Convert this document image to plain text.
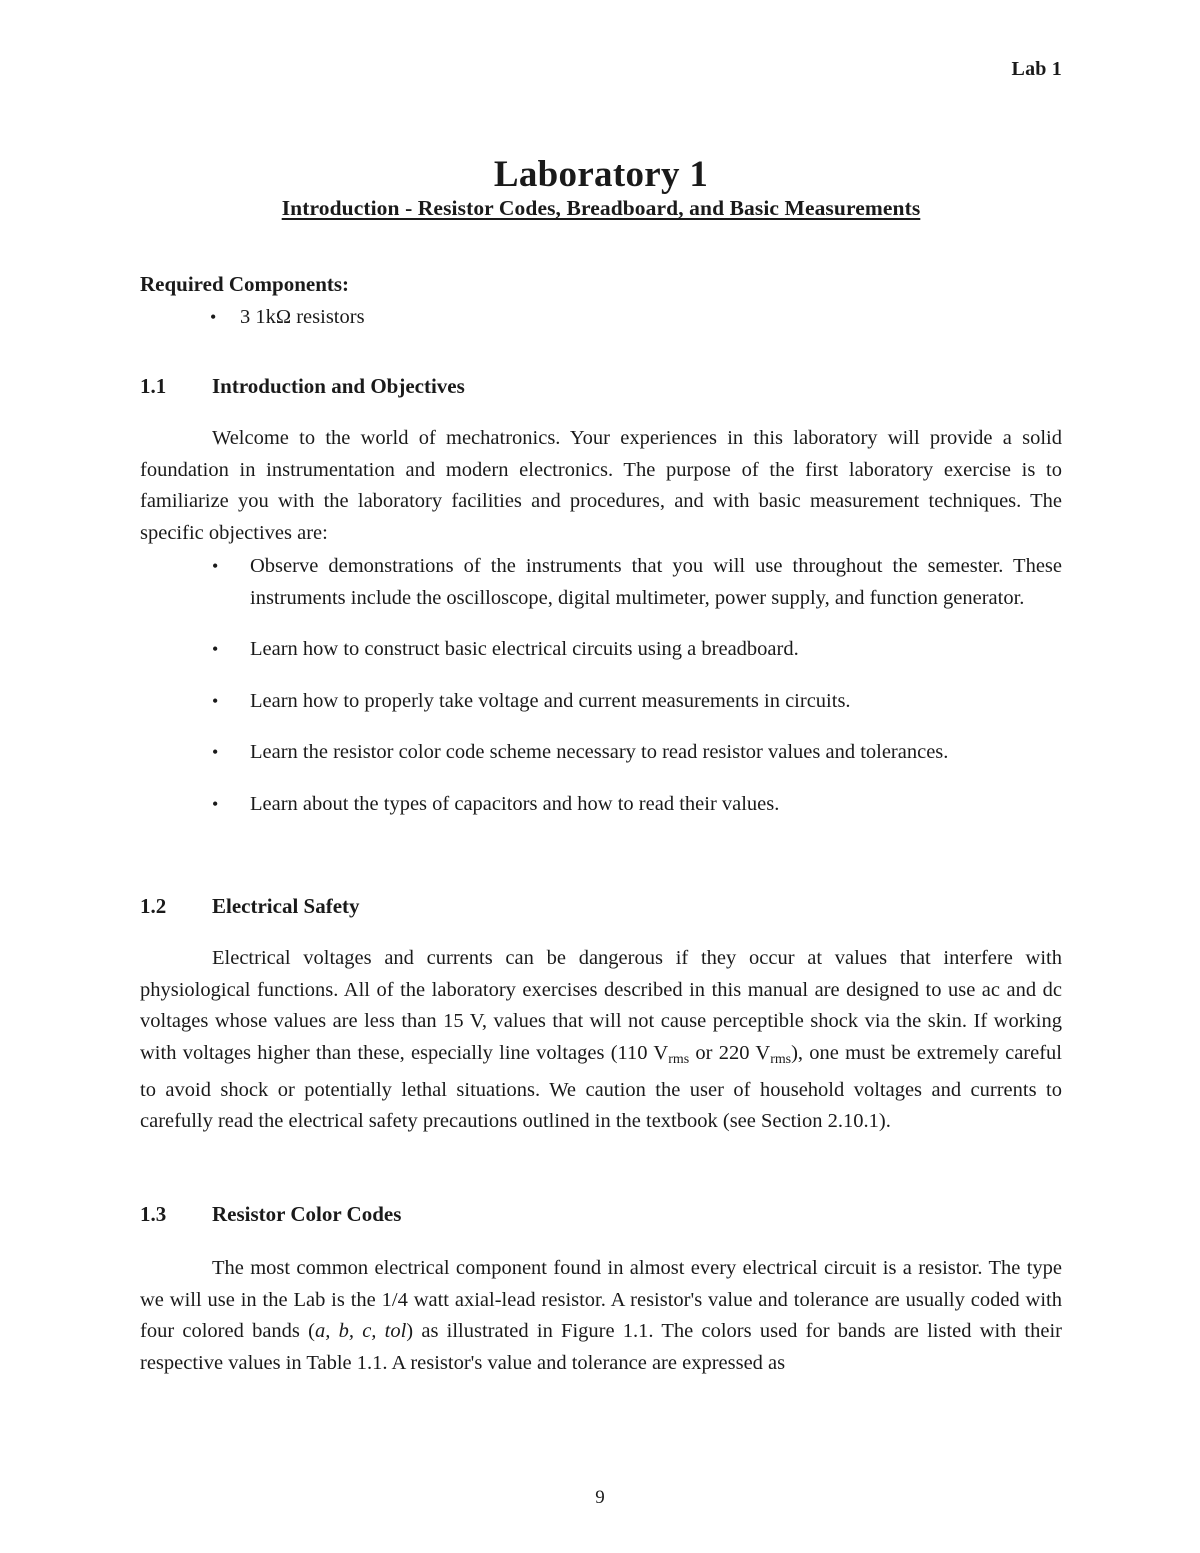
Lab 1
Laboratory 1
Introduction - Resistor Codes, Breadboard, and Basic Measurements
Required Components:
• 3 1kΩ resistors
1.1	Introduction and Objectives

Welcome to the world of mechatronics. Your experiences in this laboratory will provide a solid foundation in instrumentation and modern electronics. The purpose of the first laboratory exercise is to familiarize you with the laboratory facilities and procedures, and with basic measurement techniques. The specific objectives are:

• Observe demonstrations of the instruments that you will use throughout the semester. These instruments include the oscilloscope, digital multimeter, power supply, and function generator.
• Learn how to construct basic electrical circuits using a breadboard.
• Learn how to properly take voltage and current measurements in circuits.
• Learn the resistor color code scheme necessary to read resistor values and tolerances.
• Learn about the types of capacitors and how to read their values.
1.2	Electrical Safety

Electrical voltages and currents can be dangerous if they occur at values that interfere with physiological functions. All of the laboratory exercises described in this manual are designed to use ac and dc voltages whose values are less than 15 V, values that will not cause perceptible shock via the skin. If working with voltages higher than these, especially line voltages (110 $V_{rms}$ or 220 $V_{rms}$), one must be extremely careful to avoid shock or potentially lethal situations. We caution the user of household voltages and currents to carefully read the electrical safety precautions outlined in the textbook (see Section 2.10.1).

1.3	Resistor Color Codes

The most common electrical component found in almost every electrical circuit is a resistor. The type we will use in the Lab is the 1/4 watt axial-lead resistor. A resistor's value and tolerance are usually coded with four colored bands (a, b, c, tol) as illustrated in Figure 1.1. The colors used for bands are listed with their respective values in Table 1.1. A resistor's value and tolerance are expressed as

9
